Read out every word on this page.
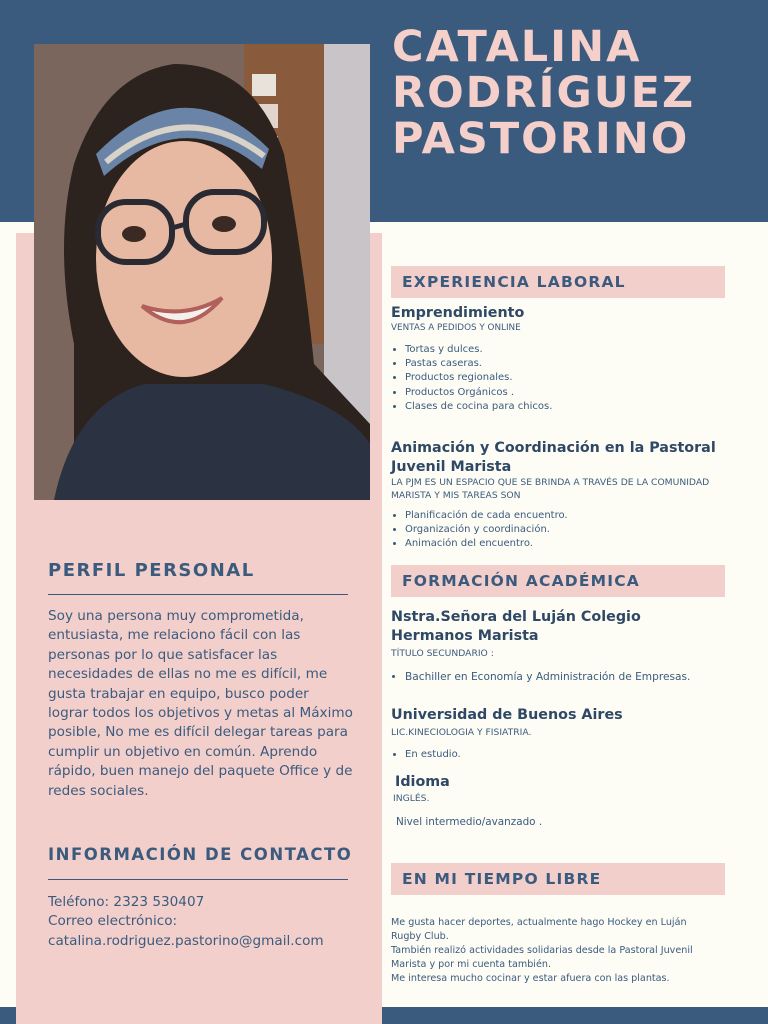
CATALINA
RODRÍGUEZ
PASTORINO
PERFIL PERSONAL
Soy una persona muy comprometida, entusiasta, me relaciono fácil con las personas por lo que satisfacer las necesidades de ellas no me es difícil, me gusta trabajar en equipo, busco poder lograr todos los objetivos y metas al Máximo posible, No me es difícil delegar tareas para cumplir un objetivo en común. Aprendo rápido, buen manejo del paquete Office y de redes sociales.
INFORMACIÓN DE CONTACTO
Teléfono: 2323 530407
Correo electrónico:
catalina.rodriguez.pastorino@gmail.com
EXPERIENCIA LABORAL
Emprendimiento
VENTAS A PEDIDOS Y ONLINE
• Tortas y dulces.
• Pastas caseras.
• Productos regionales.
• Productos Orgánicos .
• Clases de cocina para chicos.
Animación y Coordinación en la Pastoral Juvenil Marista
LA PJM ES UN ESPACIO QUE SE BRINDA A TRAVÉS DE LA COMUNIDAD MARISTA Y MIS TAREAS SON
• Planificación de cada encuentro.
• Organización y coordinación.
• Animación del encuentro.
FORMACIÓN ACADÉMICA
Nstra.Señora del Luján Colegio Hermanos Marista
TÍTULO SECUNDARIO :
• Bachiller en Economía y Administración de Empresas.
Universidad de Buenos Aires
LIC.KINECIOLOGIA Y FISIATRIA.
• En estudio.
Idioma
INGLÉS.
Nivel intermedio/avanzado .
EN MI TIEMPO LIBRE
Me gusta hacer deportes, actualmente hago Hockey en Luján Rugby Club.
También realizó actividades solidarias desde la Pastoral Juvenil Marista y por mi cuenta también.
Me interesa mucho cocinar y estar afuera con las plantas.
